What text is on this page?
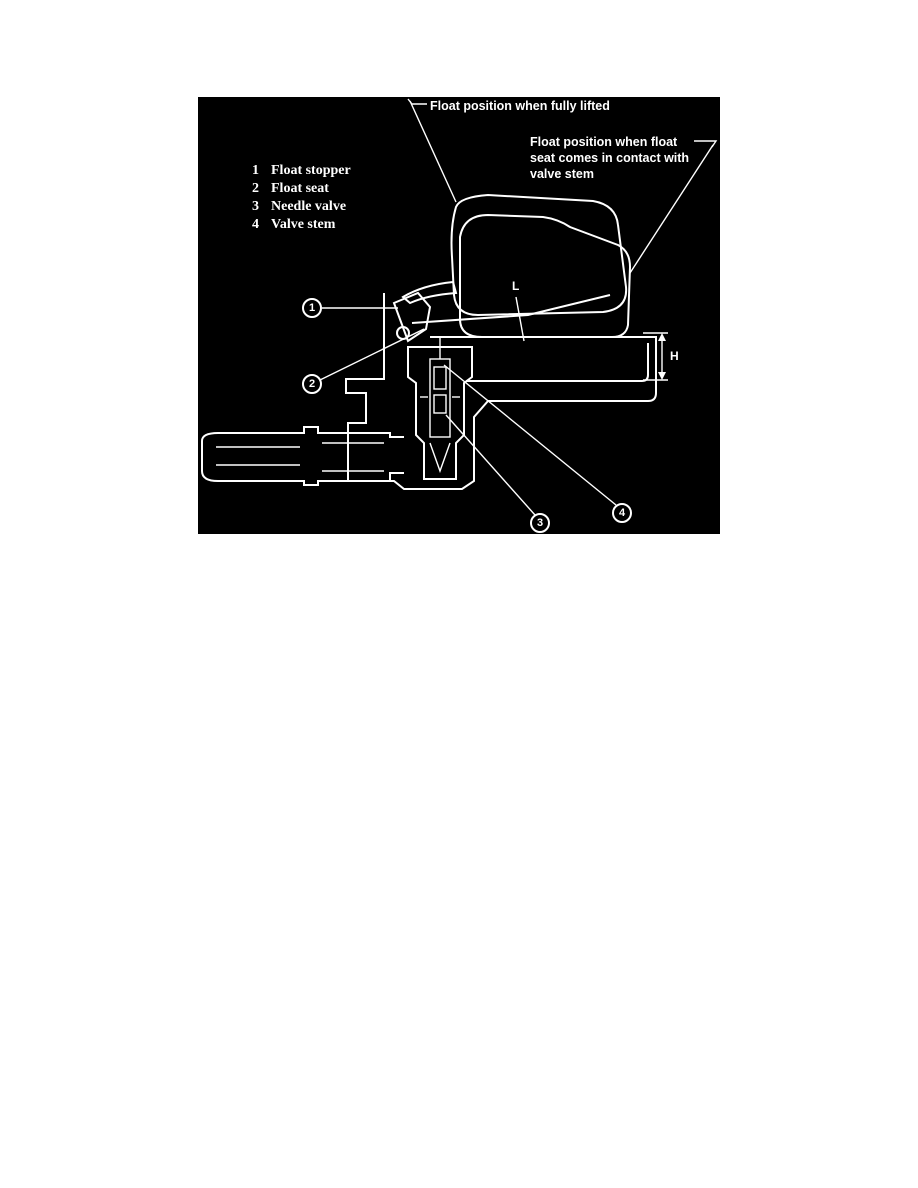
1 Float stopper
2 Float seat
3 Needle valve
4 Valve stem
Float position when fully lifted
Float position when float
seat comes in contact with
valve stem
L
H
1
2
3
4
